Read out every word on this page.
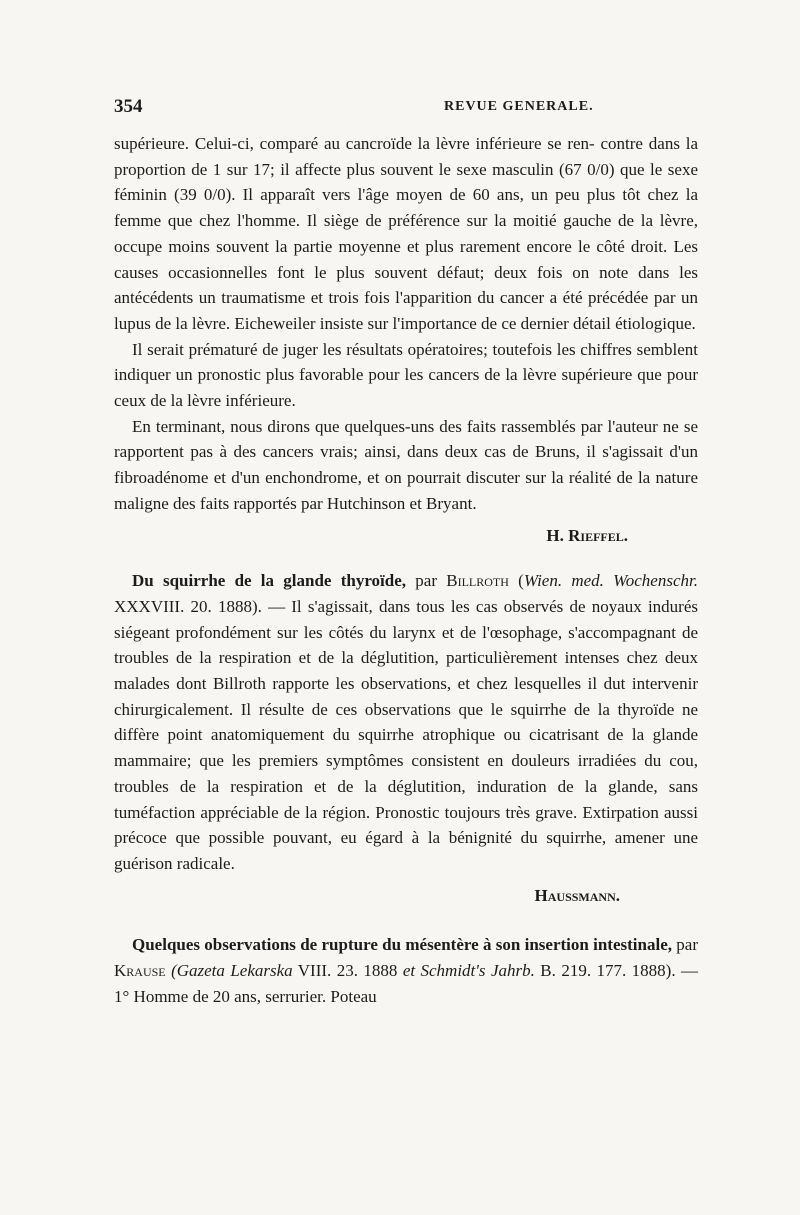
354	REVUE GENERALE.

supérieure. Celui-ci, comparé au cancroïde la lèvre inférieure se ren- contre dans la proportion de 1 sur 17; il affecte plus souvent le sexe masculin (67 0/0) que le sexe féminin (39 0/0). Il apparaît vers l'âge moyen de 60 ans, un peu plus tôt chez la femme que chez l'homme. Il siège de préférence sur la moitié gauche de la lèvre, occupe moins souvent la partie moyenne et plus rarement encore le côté droit. Les causes occasionnelles font le plus souvent défaut; deux fois on note dans les antécédents un traumatisme et trois fois l'apparition du cancer a été précédée par un lupus de la lèvre. Eicheweiler insiste sur l'importance de ce dernier détail étiologique.

Il serait prématuré de juger les résultats opératoires; toutefois les chiffres semblent indiquer un pronostic plus favorable pour les cancers de la lèvre supérieure que pour ceux de la lèvre inférieure.

En terminant, nous dirons que quelques-uns des faits rassemblés par l'auteur ne se rapportent pas à des cancers vrais; ainsi, dans deux cas de Bruns, il s'agissait d'un fibroadénome et d'un enchondrome, et on pourrait discuter sur la réalité de la nature maligne des faits rapportés par Hutchinson et Bryant.

H. Rieffel.

Du squirrhe de la glande thyroïde, par Billroth (Wien. med. Wochenschr. XXXVIII. 20. 1888). — Il s'agissait, dans tous les cas observés de noyaux indurés siégeant profondément sur les côtés du larynx et de l'œsophage, s'accompagnant de troubles de la respiration et de la déglutition, particulièrement intenses chez deux malades dont Billroth rapporte les observations, et chez lesquelles il dut intervenir chirurgicalement. Il résulte de ces observations que le squirrhe de la thyroïde ne diffère point anatomiquement du squirrhe atrophique ou cicatrisant de la glande mammaire; que les premiers symptômes consistent en douleurs irradiées du cou, troubles de la respiration et de la déglutition, induration de la glande, sans tuméfaction appréciable de la région. Pronostic toujours très grave. Extirpation aussi précoce que possible pouvant, eu égard à la bénignité du squirrhe, amener une guérison radicale.

Haussmann.

Quelques observations de rupture du mésentère à son insertion intestinale, par Krause (Gazeta Lekarska VIII. 23. 1888 et Schmidt's Jahrb. B. 219. 177. 1888). — 1° Homme de 20 ans, serrurier. Poteau
